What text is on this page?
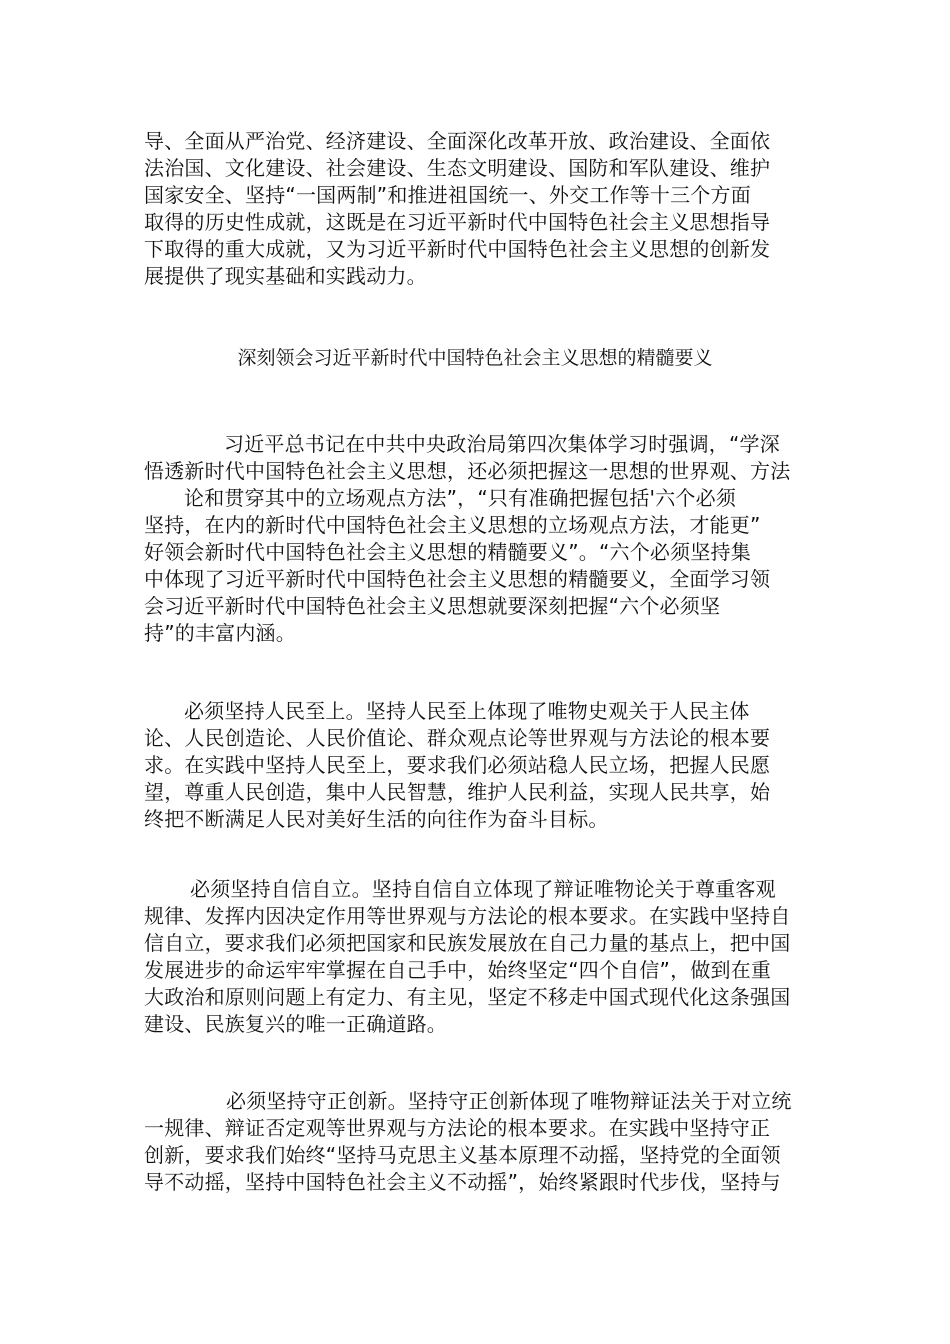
导、全面从严治党、经济建设、全面深化改革开放、政治建设、全面依
法治国、文化建设、社会建设、生态文明建设、国防和军队建设、维护
国家安全、坚持“一国两制”和推进祖国统一、外交工作等十三个方面
取得的历史性成就，这既是在习近平新时代中国特色社会主义思想指导
下取得的重大成就，又为习近平新时代中国特色社会主义思想的创新发
展提供了现实基础和实践动力。
深刻领会习近平新时代中国特色社会主义思想的精髓要义
习近平总书记在中共中央政治局第四次集体学习时强调，“学深
悟透新时代中国特色社会主义思想，还必须把握这一思想的世界观、方法
论和贯穿其中的立场观点方法”，“只有准确把握包括'六个必须
坚持，在内的新时代中国特色社会主义思想的立场观点方法，才能更”
好领会新时代中国特色社会主义思想的精髓要义”。“六个必须坚持集
中体现了习近平新时代中国特色社会主义思想的精髓要义，全面学习领
会习近平新时代中国特色社会主义思想就要深刻把握“六个必须坚
持”的丰富内涵。
必须坚持人民至上。坚持人民至上体现了唯物史观关于人民主体
论、人民创造论、人民价值论、群众观点论等世界观与方法论的根本要
求。在实践中坚持人民至上，要求我们必须站稳人民立场，把握人民愿
望，尊重人民创造，集中人民智慧，维护人民利益，实现人民共享，始
终把不断满足人民对美好生活的向往作为奋斗目标。
必须坚持自信自立。坚持自信自立体现了辩证唯物论关于尊重客观
规律、发挥内因决定作用等世界观与方法论的根本要求。在实践中坚持自
信自立，要求我们必须把国家和民族发展放在自己力量的基点上，把中国
发展进步的命运牢牢掌握在自己手中，始终坚定“四个自信”，做到在重
大政治和原则问题上有定力、有主见，坚定不移走中国式现代化这条强国
建设、民族复兴的唯一正确道路。
必须坚持守正创新。坚持守正创新体现了唯物辩证法关于对立统
一规律、辩证否定观等世界观与方法论的根本要求。在实践中坚持守正
创新，要求我们始终“坚持马克思主义基本原理不动摇，坚持党的全面领
导不动摇，坚持中国特色社会主义不动摇”，始终紧跟时代步伐，坚持与
